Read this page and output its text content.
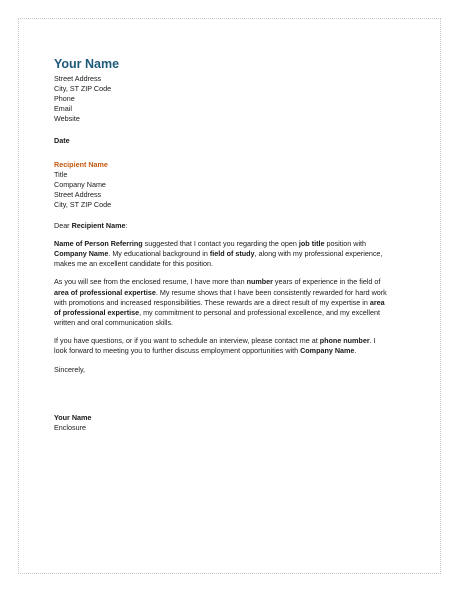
Your Name
Street Address
City, ST ZIP Code
Phone
Email
Website
Date
Recipient Name
Title
Company Name
Street Address
City, ST ZIP Code
Dear Recipient Name:
Name of Person Referring suggested that I contact you regarding the open job title position with
Company Name. My educational background in field of study, along with my professional experience,
makes me an excellent candidate for this position.
As you will see from the enclosed resume, I have more than number years of experience in the field of
area of professional expertise. My resume shows that I have been consistently rewarded for hard work
with promotions and increased responsibilities. These rewards are a direct result of my expertise in area
of professional expertise, my commitment to personal and professional excellence, and my excellent
written and oral communication skills.
If you have questions, or if you want to schedule an interview, please contact me at phone number. I
look forward to meeting you to further discuss employment opportunities with Company Name.
Sincerely,
Your Name
Enclosure
